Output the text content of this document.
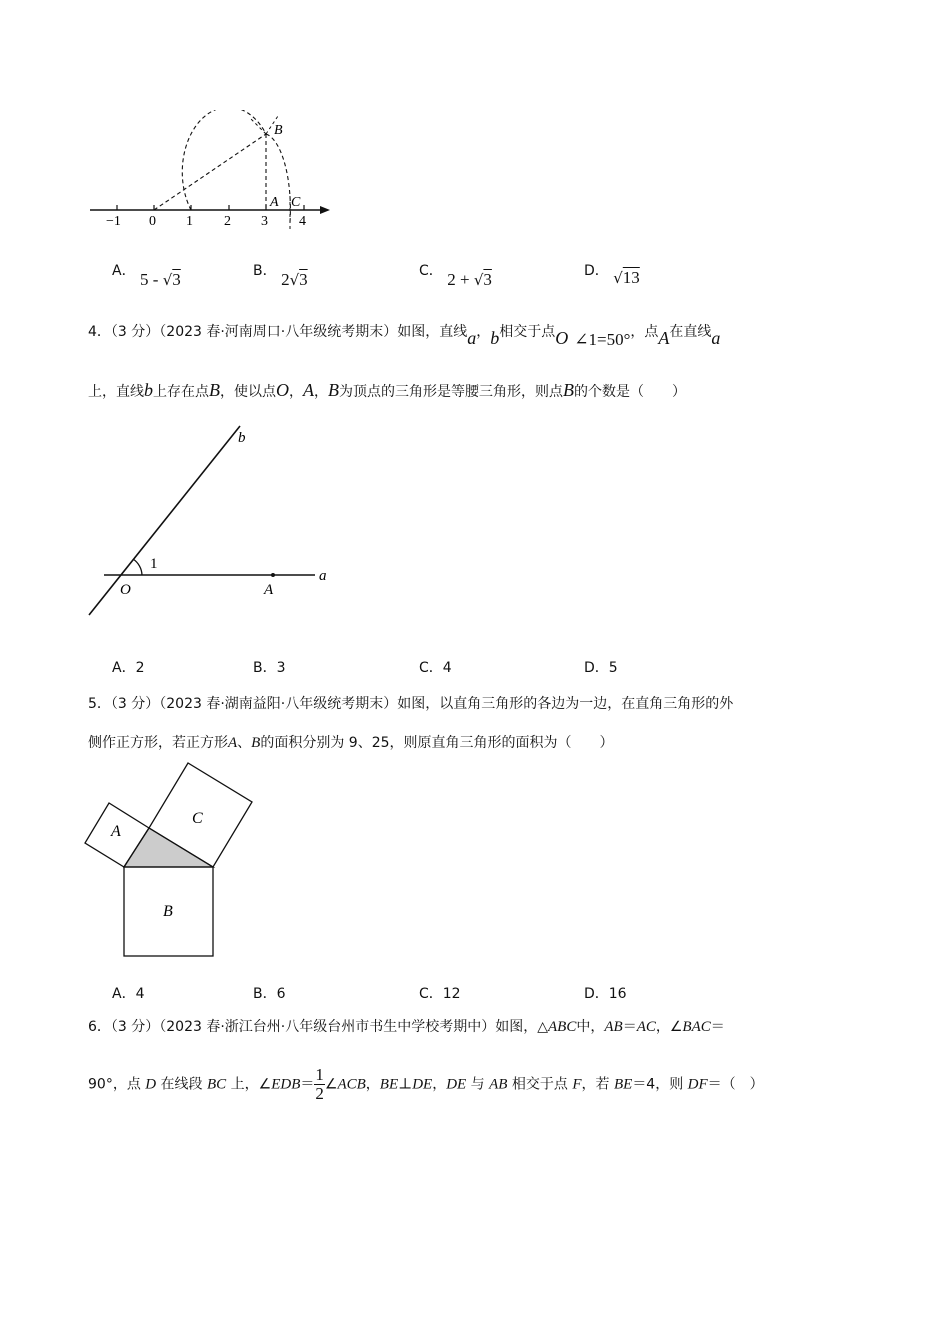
B
A C
−1 0 1 2 3 4
A． 5 - √3	B． 2√3	C． 2 + √3	D． √13
4．（3 分）（2023 春·河南周口·八年级统考期末）如图，直线a，b相交于点O ∠1=50°，点A在直线a
上，直线b上存在点B，使以点O，A，B为顶点的三角形是等腰三角形，则点B的个数是（　　）
b
1
O	A
a
A．2	B．3	C．4	D．5
5．（3 分）（2023 春·湖南益阳·八年级统考期末）如图，以直角三角形的各边为一边，在直角三角形的外
侧作正方形，若正方形A、B的面积分别为 9、25，则原直角三角形的面积为（　　）
A
C
B
A．4	B．6	C．12	D．16
6．（3 分）（2023 春·浙江台州·八年级台州市书生中学校考期中）如图，△ABC中，AB＝AC，∠BAC＝
90°，点 D 在线段 BC 上，∠EDB＝ $\frac{1}{2}$ ∠ACB，BE⊥DE，DE 与 AB 相交于点 F，若 BE＝4，则 DF＝（　）
